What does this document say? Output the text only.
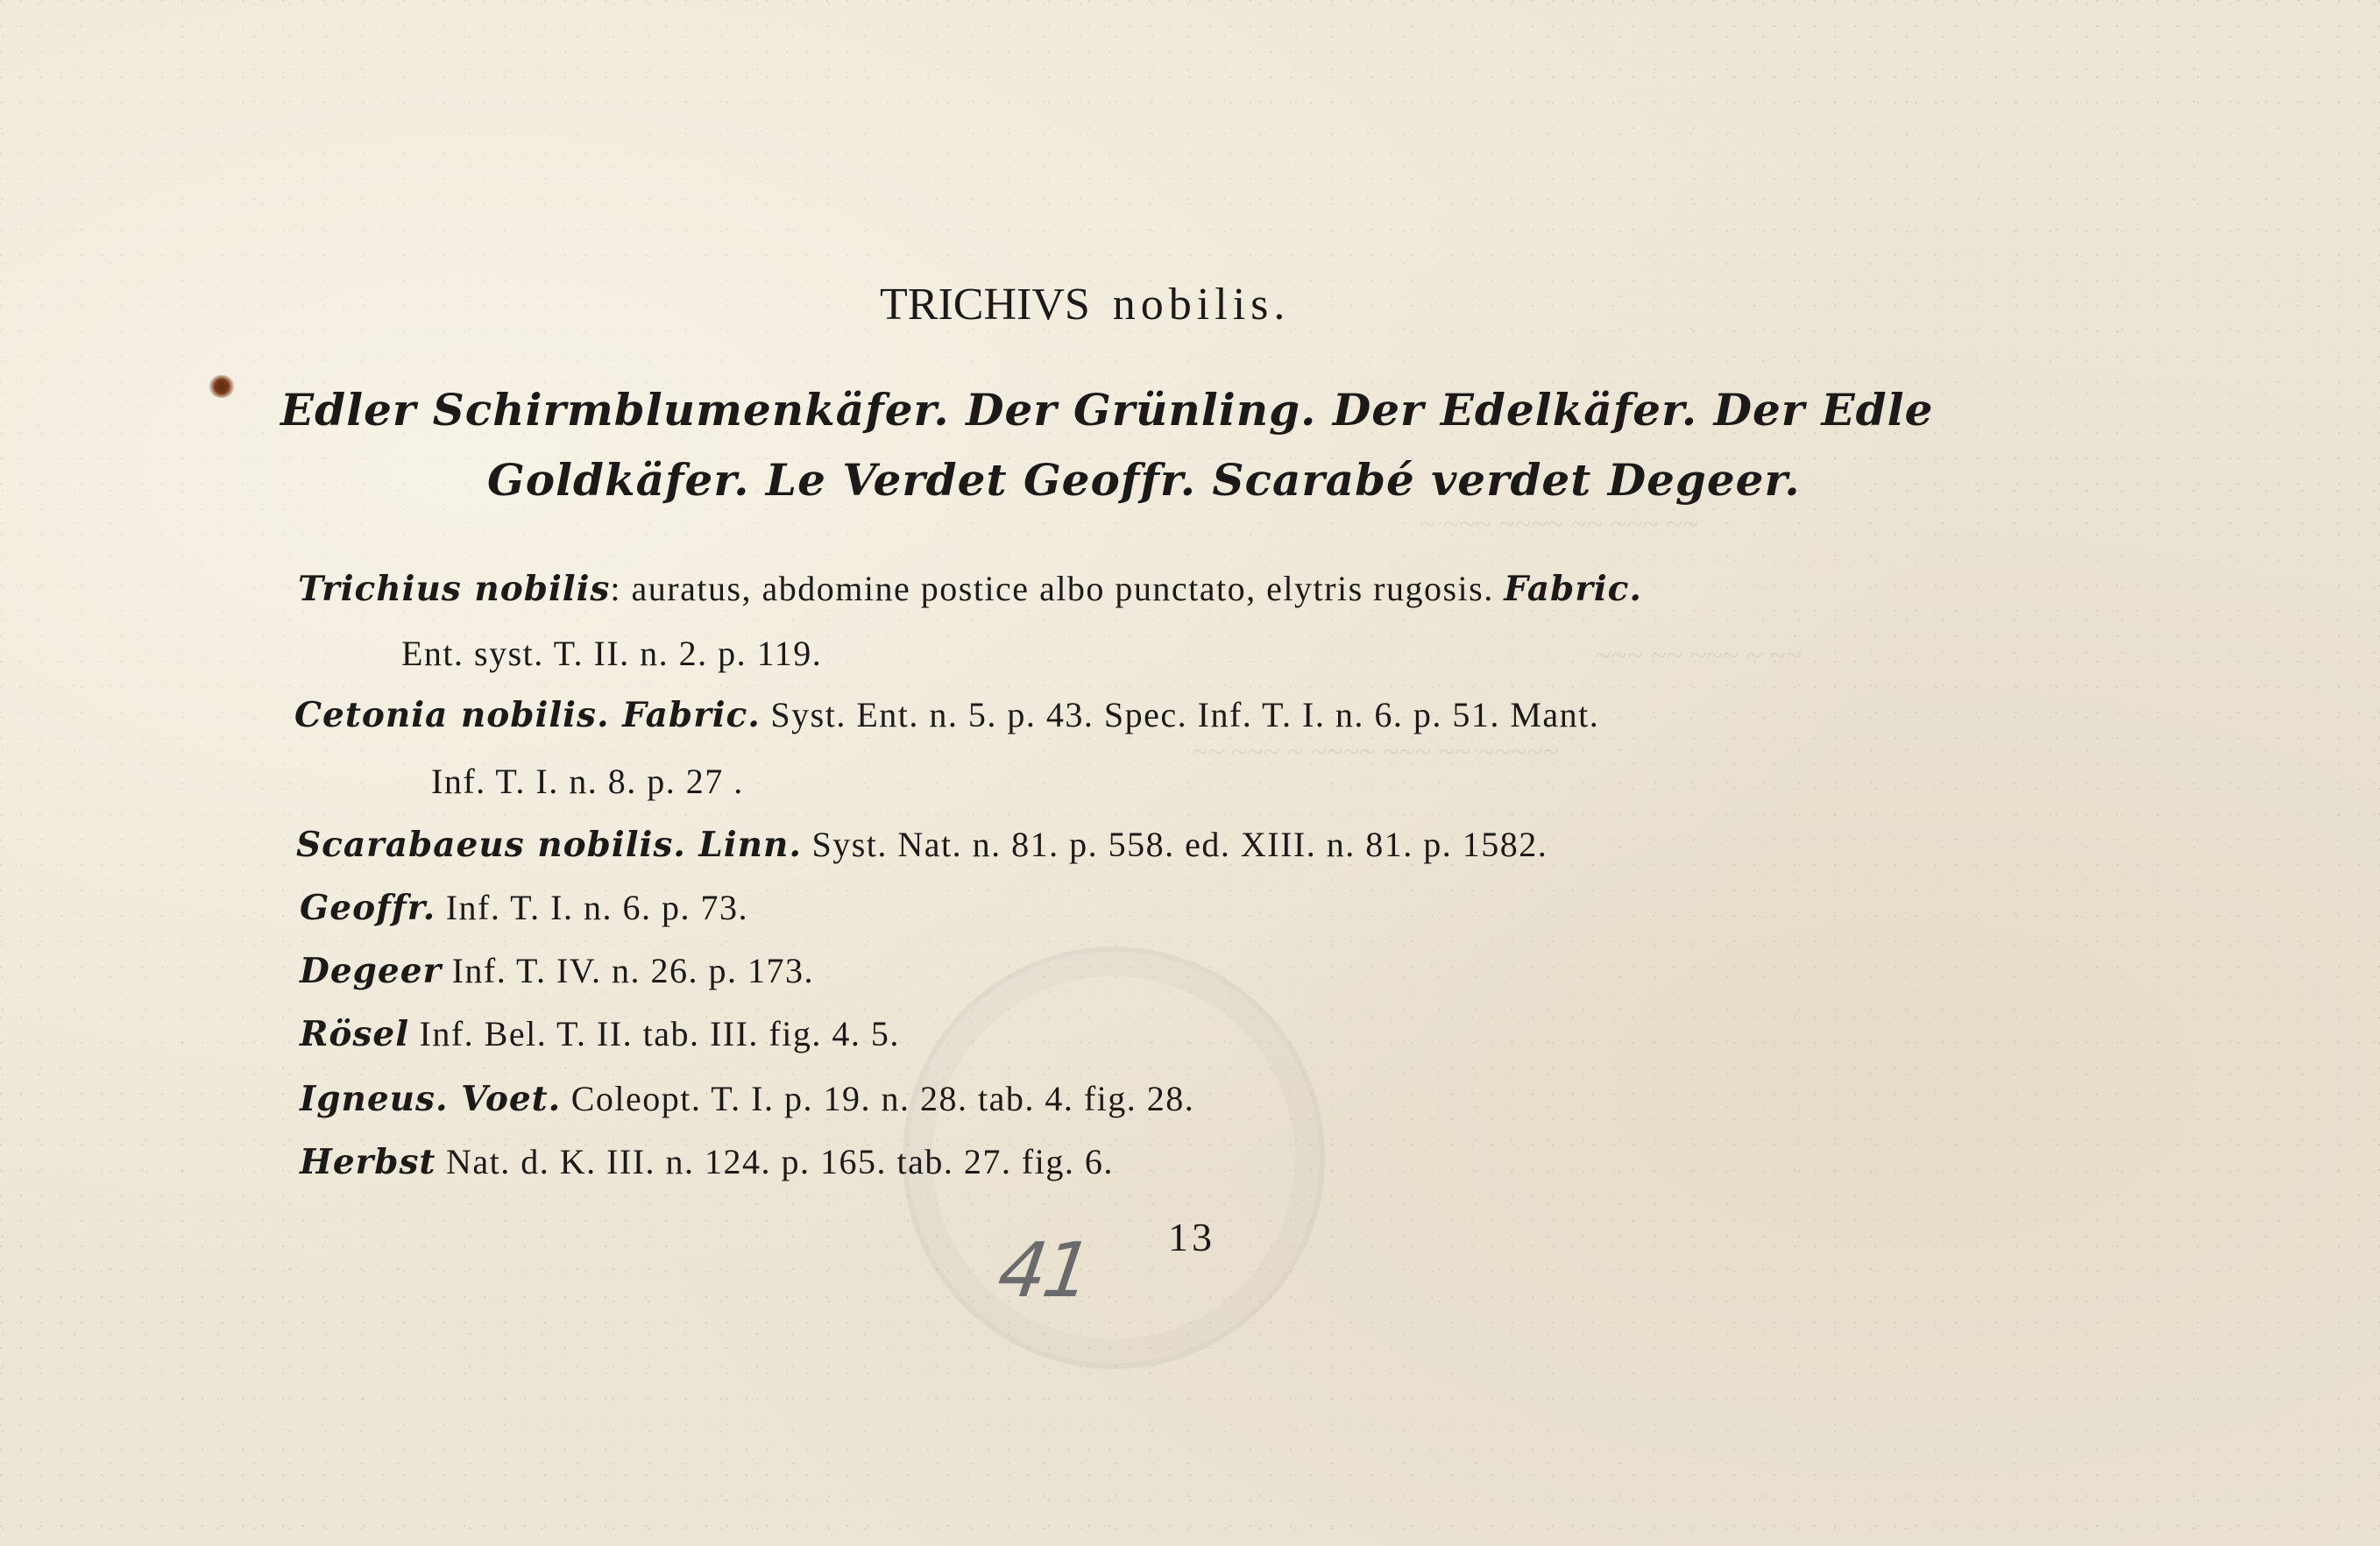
~ ~~~ ~~~~ ~~ ~~~ ~~
~~~ ~~ ~~~ ~ ~~
~~ ~~~ ~ ~~~~ ~~~ ~~ ~~~~~
TRICHIVS nobilis.
Edler Schirmblumenkäfer. Der Grünling. Der Edelkäfer. Der Edle
Goldkäfer. Le Verdet Geoffr. Scarabé verdet Degeer.
Trichius nobilis: auratus, abdomine postice albo punctato, elytris rugosis. Fabric.
Ent. syst. T. II. n. 2. p. 119.
Cetonia nobilis. Fabric. Syst. Ent. n. 5. p. 43. Spec. Inf. T. I. n. 6. p. 51. Mant.
Inf. T. I. n. 8. p. 27 .
Scarabaeus nobilis. Linn. Syst. Nat. n. 81. p. 558. ed. XIII. n. 81. p. 1582.
Geoffr. Inf. T. I. n. 6. p. 73.
Degeer Inf. T. IV. n. 26. p. 173.
Rösel Inf. Bel. T. II. tab. III. fig. 4. 5.
Igneus. Voet. Coleopt. T. I. p. 19. n. 28. tab. 4. fig. 28.
Herbst Nat. d. K. III. n. 124. p. 165. tab. 27. fig. 6.
41 13
